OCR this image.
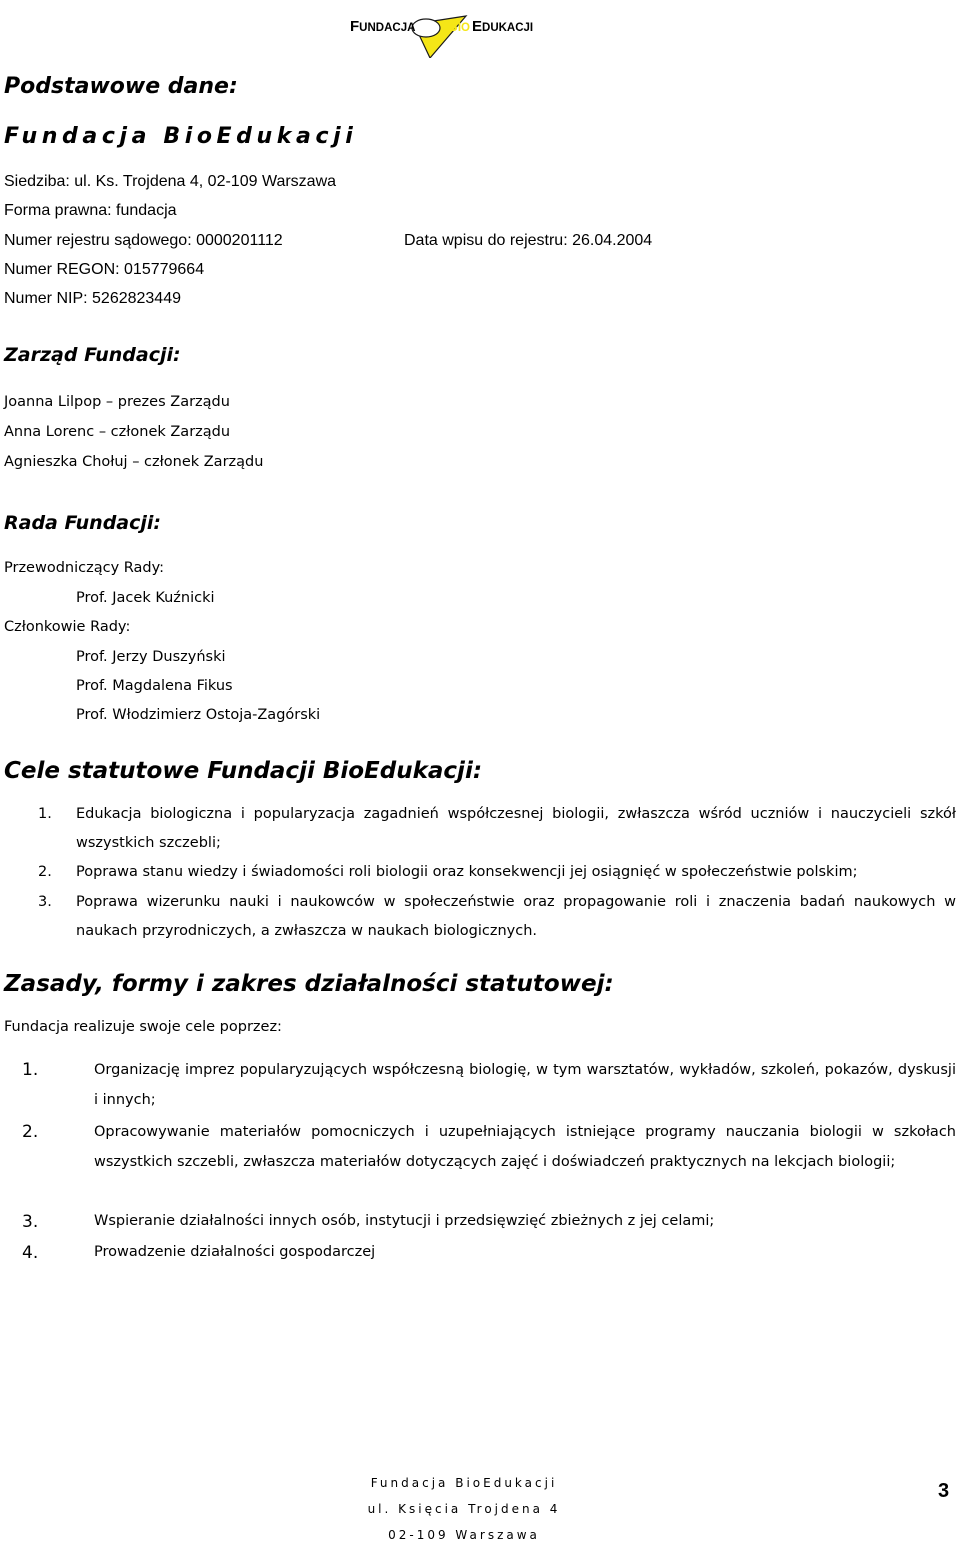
FUNDACJA BIO EDUKACJI
Podstawowe dane:
Fundacja BioEdukacji
Siedziba: ul. Ks. Trojdena 4, 02-109 Warszawa
Forma prawna: fundacja
Numer rejestru sądowego: 0000201112	Data wpisu do rejestru: 26.04.2004
Numer REGON: 015779664
Numer NIP: 5262823449
Zarząd Fundacji:
Joanna Lilpop – prezes Zarządu
Anna Lorenc – członek Zarządu
Agnieszka Chołuj – członek Zarządu
Rada Fundacji:
Przewodniczący Rady:
Prof. Jacek Kuźnicki
Członkowie Rady:
Prof. Jerzy Duszyński
Prof. Magdalena Fikus
Prof. Włodzimierz Ostoja-Zagórski
Cele statutowe Fundacji BioEdukacji:
1. Edukacja biologiczna i popularyzacja zagadnień współczesnej biologii, zwłaszcza wśród uczniów i nauczycieli szkół wszystkich szczebli;
2. Poprawa stanu wiedzy i świadomości roli biologii oraz konsekwencji jej osiągnięć w społeczeństwie polskim;
3. Poprawa wizerunku nauki i naukowców w społeczeństwie oraz propagowanie roli i znaczenia badań naukowych w naukach przyrodniczych, a zwłaszcza w naukach biologicznych.
Zasady, formy i zakres działalności statutowej:
Fundacja realizuje swoje cele poprzez:
1.	Organizację imprez popularyzujących współczesną biologię, w tym warsztatów, wykładów, szkoleń, pokazów, dyskusji i innych;
2.	Opracowywanie materiałów pomocniczych i uzupełniających istniejące programy nauczania biologii w szkołach wszystkich szczebli, zwłaszcza materiałów dotyczących zajęć i doświadczeń praktycznych na lekcjach biologii;
3.	Wspieranie działalności innych osób, instytucji i przedsięwzięć zbieżnych z jej celami;
4.	Prowadzenie działalności gospodarczej
Fundacja BioEdukacji
ul. Księcia Trojdena 4
02-109 Warszawa
3
